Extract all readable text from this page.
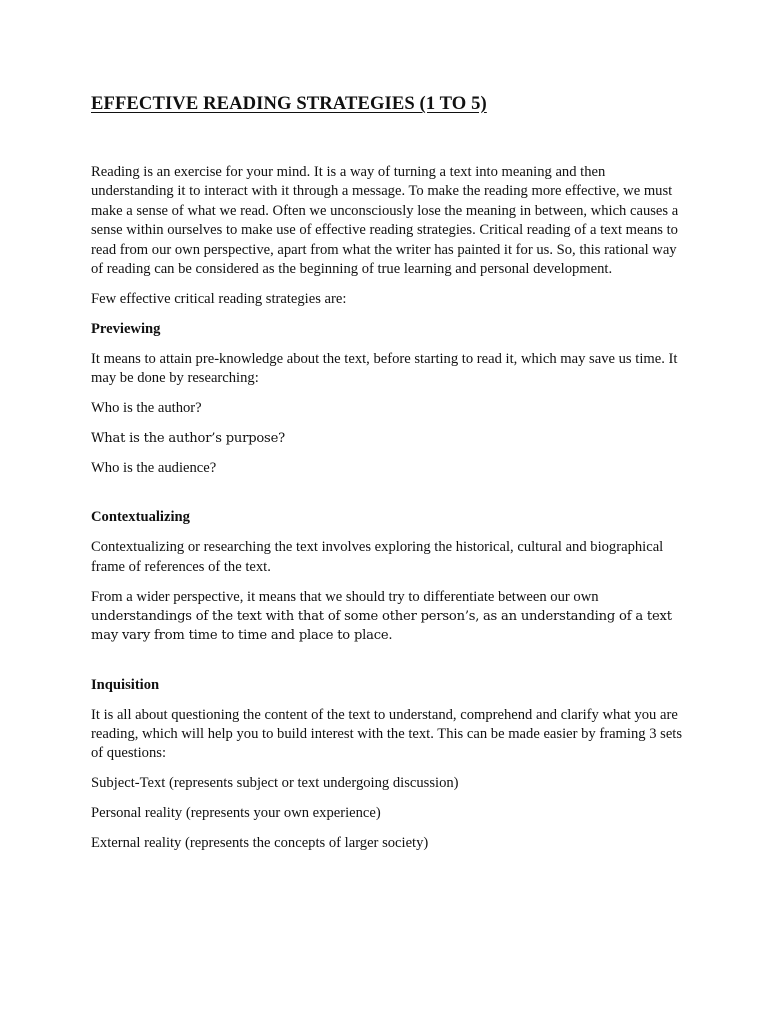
EFFECTIVE READING STRATEGIES (1 TO 5)

Reading is an exercise for your mind. It is a way of turning a text into meaning and then understanding it to interact with it through a message. To make the reading more effective, we must make a sense of what we read. Often we unconsciously lose the meaning in between, which causes a sense within ourselves to make use of effective reading strategies. Critical reading of a text means to read from our own perspective, apart from what the writer has painted it for us. So, this rational way of reading can be considered as the beginning of true learning and personal development.

Few effective critical reading strategies are:

Previewing

It means to attain pre-knowledge about the text, before starting to read it, which may save us time. It may be done by researching:

Who is the author?

What is the author’s purpose?

Who is the audience?

Contextualizing

Contextualizing or researching the text involves exploring the historical, cultural and biographical frame of references of the text.

From a wider perspective, it means that we should try to differentiate between our own understandings of the text with that of some other person’s, as an understanding of a text may vary from time to time and place to place.

Inquisition

It is all about questioning the content of the text to understand, comprehend and clarify what you are reading, which will help you to build interest with the text. This can be made easier by framing 3 sets of questions:

Subject-Text (represents subject or text undergoing discussion)

Personal reality (represents your own experience)

External reality (represents the concepts of larger society)
